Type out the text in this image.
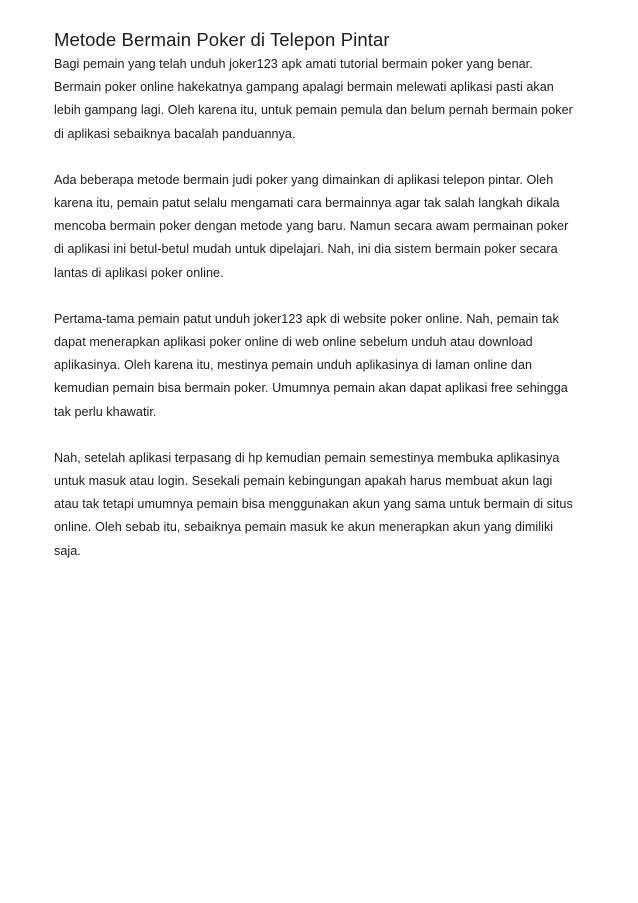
Metode Bermain Poker di Telepon Pintar

Bagi pemain yang telah unduh joker123 apk amati tutorial bermain poker yang benar.
Bermain poker online hakekatnya gampang apalagi bermain melewati aplikasi pasti akan
lebih gampang lagi. Oleh karena itu, untuk pemain pemula dan belum pernah bermain poker
di aplikasi sebaiknya bacalah panduannya.

Ada beberapa metode bermain judi poker yang dimainkan di aplikasi telepon pintar. Oleh
karena itu, pemain patut selalu mengamati cara bermainnya agar tak salah langkah dikala
mencoba bermain poker dengan metode yang baru. Namun secara awam permainan poker
di aplikasi ini betul-betul mudah untuk dipelajari. Nah, ini dia sistem bermain poker secara
lantas di aplikasi poker online.

Pertama-tama pemain patut unduh joker123 apk di website poker online. Nah, pemain tak
dapat menerapkan aplikasi poker online di web online sebelum unduh atau download
aplikasinya. Oleh karena itu, mestinya pemain unduh aplikasinya di laman online dan
kemudian pemain bisa bermain poker. Umumnya pemain akan dapat aplikasi free sehingga
tak perlu khawatir.

Nah, setelah aplikasi terpasang di hp kemudian pemain semestinya membuka aplikasinya
untuk masuk atau login. Sesekali pemain kebingungan apakah harus membuat akun lagi
atau tak tetapi umumnya pemain bisa menggunakan akun yang sama untuk bermain di situs
online. Oleh sebab itu, sebaiknya pemain masuk ke akun menerapkan akun yang dimiliki
saja.
